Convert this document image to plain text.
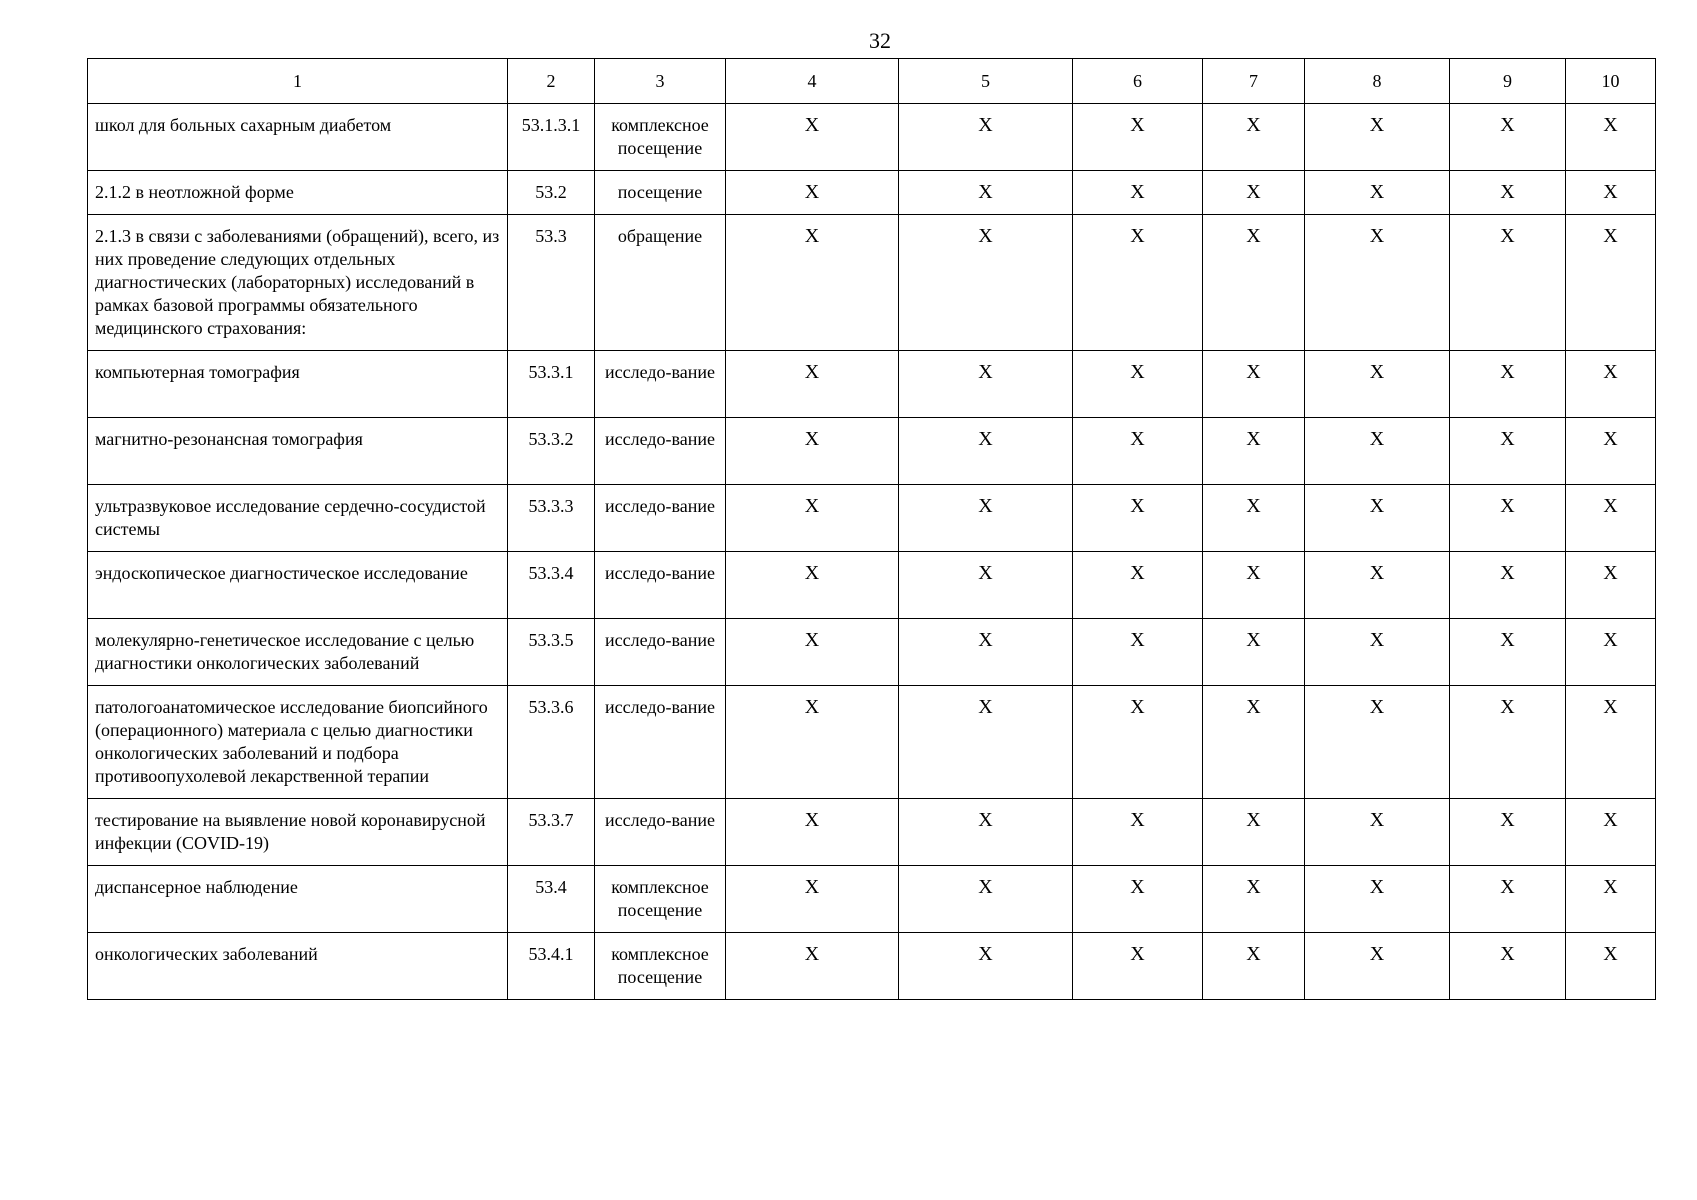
32
1	2	3	4	5	6	7	8	9	10
школ для больных сахарным диабетом	53.1.3.1	комплексное посещение	Х	Х	Х	Х	Х	Х	Х
2.1.2 в неотложной форме	53.2	посещение	Х	Х	Х	Х	Х	Х	Х
2.1.3 в связи с заболеваниями (обращений), всего, из них проведение следующих отдельных диагностических (лабораторных) исследований в рамках базовой программы обязательного медицинского страхования:	53.3	обращение	Х	Х	Х	Х	Х	Х	Х
компьютерная томография	53.3.1	исследо-вание	Х	Х	Х	Х	Х	Х	Х
магнитно-резонансная томография	53.3.2	исследо-вание	Х	Х	Х	Х	Х	Х	Х
ультразвуковое исследование сердечно-сосудистой системы	53.3.3	исследо-вание	Х	Х	Х	Х	Х	Х	Х
эндоскопическое диагностическое исследование	53.3.4	исследо-вание	Х	Х	Х	Х	Х	Х	Х
молекулярно-генетическое исследование с целью диагностики онкологических заболеваний	53.3.5	исследо-вание	Х	Х	Х	Х	Х	Х	Х
патологоанатомическое исследование биопсийного (операционного) материала с целью диагностики онкологических заболеваний и подбора противоопухолевой лекарственной терапии	53.3.6	исследо-вание	Х	Х	Х	Х	Х	Х	Х
тестирование на выявление новой коронавирусной инфекции (COVID-19)	53.3.7	исследо-вание	Х	Х	Х	Х	Х	Х	Х
диспансерное наблюдение	53.4	комплексное посещение	Х	Х	Х	Х	Х	Х	Х
онкологических заболеваний	53.4.1	комплексное посещение	Х	Х	Х	Х	Х	Х	Х
